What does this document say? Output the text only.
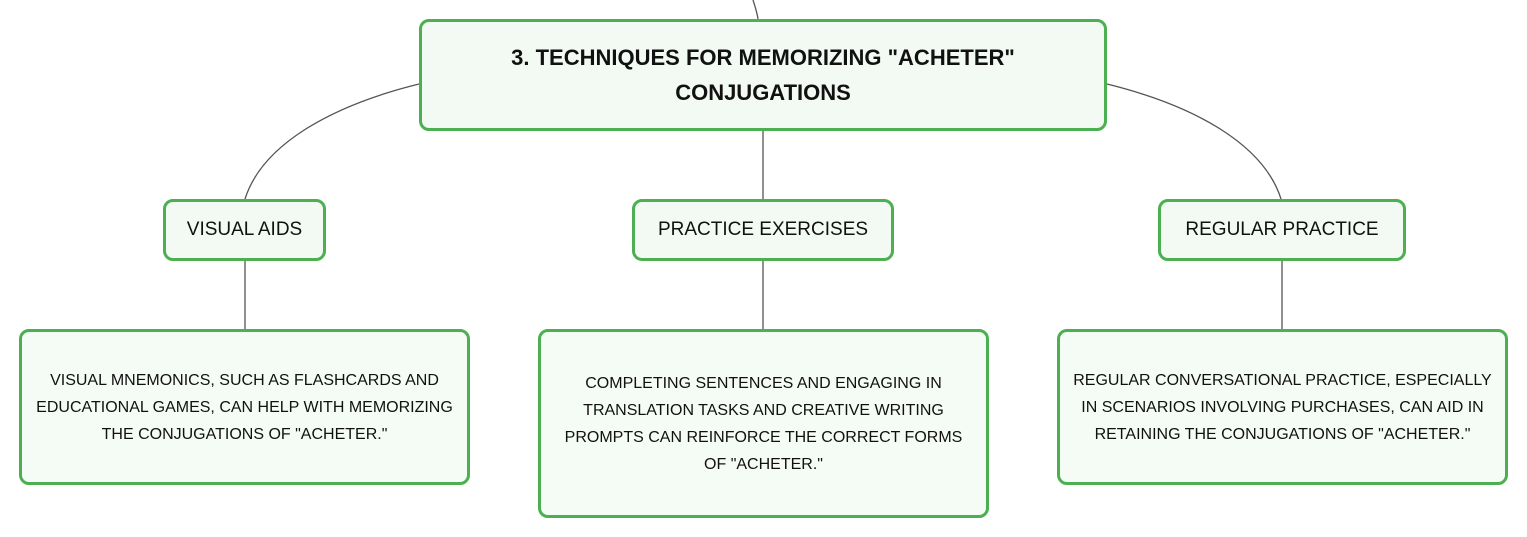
3. TECHNIQUES FOR MEMORIZING "ACHETER" CONJUGATIONS
VISUAL AIDS	PRACTICE EXERCISES	REGULAR PRACTICE
VISUAL MNEMONICS, SUCH AS FLASHCARDS AND EDUCATIONAL GAMES, CAN HELP WITH MEMORIZING THE CONJUGATIONS OF "ACHETER."
COMPLETING SENTENCES AND ENGAGING IN TRANSLATION TASKS AND CREATIVE WRITING PROMPTS CAN REINFORCE THE CORRECT FORMS OF "ACHETER."
REGULAR CONVERSATIONAL PRACTICE, ESPECIALLY IN SCENARIOS INVOLVING PURCHASES, CAN AID IN RETAINING THE CONJUGATIONS OF "ACHETER."
